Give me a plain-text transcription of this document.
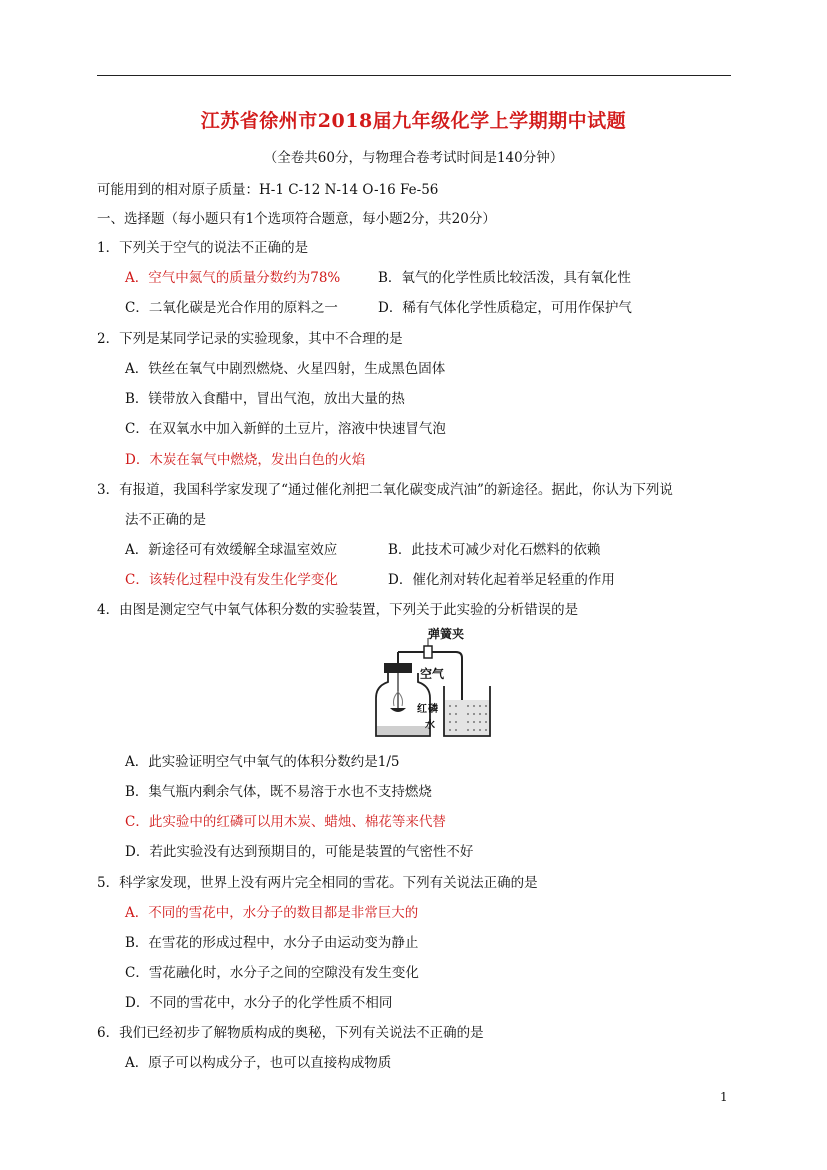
江苏省徐州市2018届九年级化学上学期期中试题
（全卷共60分，与物理合卷考试时间是140分钟）
可能用到的相对原子质量：H-1 C-12 N-14 O-16 Fe-56
一、选择题（每小题只有1个选项符合题意，每小题2分，共20分）
1．下列关于空气的说法不正确的是
A．空气中氮气的质量分数约为78%	B．氧气的化学性质比较活泼，具有氧化性
C．二氧化碳是光合作用的原料之一	D．稀有气体化学性质稳定，可用作保护气
2．下列是某同学记录的实验现象，其中不合理的是
A．铁丝在氧气中剧烈燃烧、火星四射，生成黑色固体
B．镁带放入食醋中，冒出气泡，放出大量的热
C．在双氧水中加入新鲜的土豆片，溶液中快速冒气泡
D．木炭在氧气中燃烧，发出白色的火焰
3．有报道，我国科学家发现了“通过催化剂把二氧化碳变成汽油”的新途径。据此，你认为下列说
法不正确的是
A．新途径可有效缓解全球温室效应	B．此技术可减少对化石燃料的依赖
C．该转化过程中没有发生化学变化	D．催化剂对转化起着举足轻重的作用
4．由图是测定空气中氧气体积分数的实验装置，下列关于此实验的分析错误的是
弹簧夹
空气
红 磷
水
A．此实验证明空气中氧气的体积分数约是1/5
B．集气瓶内剩余气体，既不易溶于水也不支持燃烧
C．此实验中的红磷可以用木炭、蜡烛、棉花等来代替
D．若此实验没有达到预期目的，可能是装置的气密性不好
5．科学家发现，世界上没有两片完全相同的雪花。下列有关说法正确的是
A．不同的雪花中，水分子的数目都是非常巨大的
B．在雪花的形成过程中，水分子由运动变为静止
C．雪花融化时，水分子之间的空隙没有发生变化
D．不同的雪花中，水分子的化学性质不相同
6．我们已经初步了解物质构成的奥秘，下列有关说法不正确的是
A．原子可以构成分子，也可以直接构成物质
1
